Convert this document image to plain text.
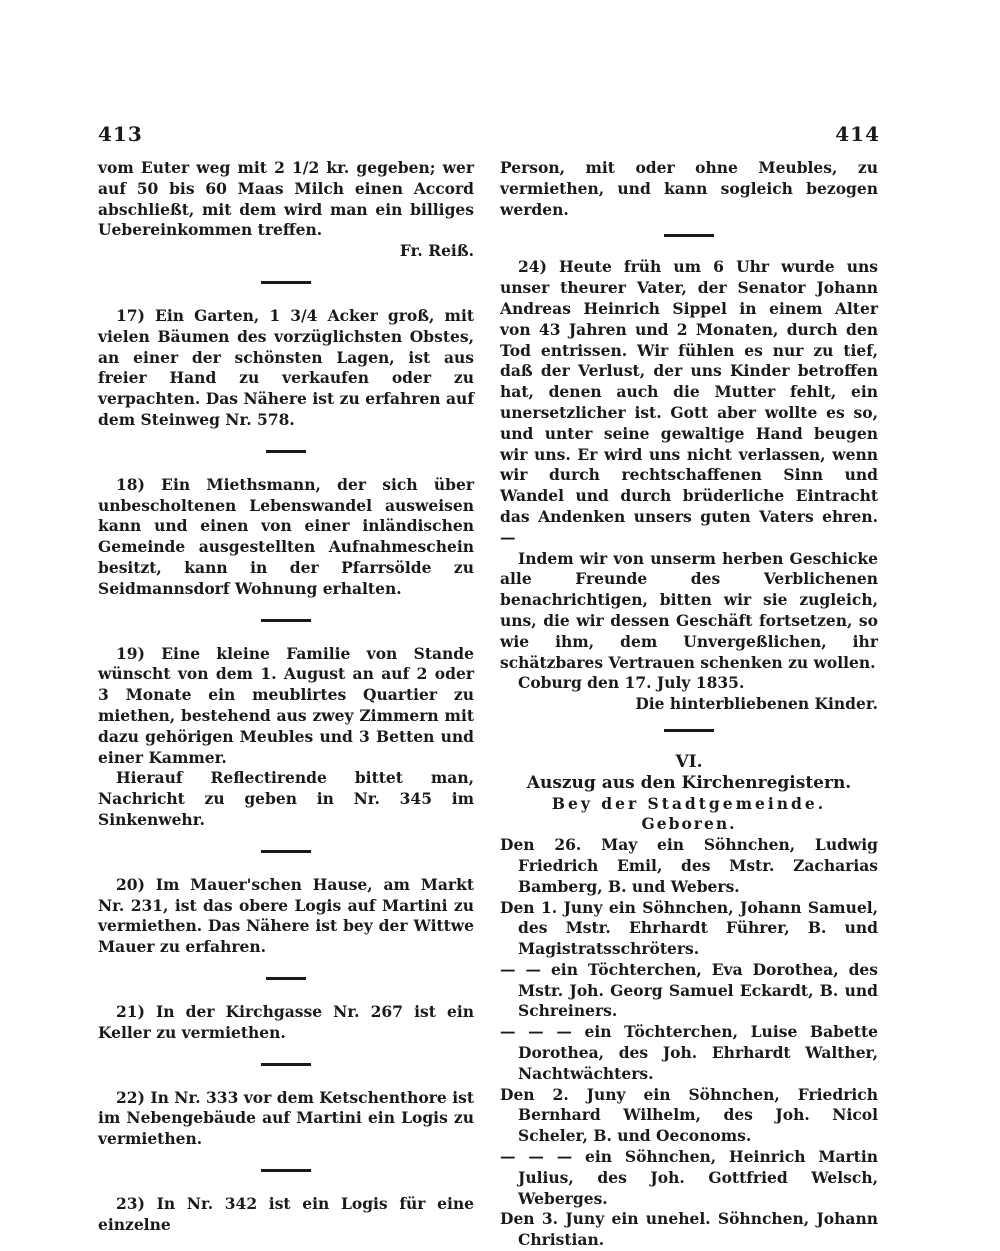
413	414

vom Euter weg mit 2 1/2 kr. gegeben; wer auf 50 bis 60 Maas Milch einen Accord abschließt, mit dem wird man ein billiges Uebereinkommen treffen.

Fr. Reiß.

17) Ein Garten, 1 3/4 Acker groß, mit vielen Bäumen des vorzüglichsten Obstes, an einer der schönsten Lagen, ist aus freier Hand zu verkaufen oder zu verpachten. Das Nähere ist zu erfahren auf dem Steinweg Nr. 578.

18) Ein Miethsmann, der sich über unbescholtenen Lebenswandel ausweisen kann und einen von einer inländischen Gemeinde ausgestellten Aufnahmeschein besitzt, kann in der Pfarrsölde zu Seidmannsdorf Wohnung erhalten.

19) Eine kleine Familie von Stande wünscht von dem 1. August an auf 2 oder 3 Monate ein meublirtes Quartier zu miethen, bestehend aus zwey Zimmern mit dazu gehörigen Meubles und 3 Betten und einer Kammer.

Hierauf Reflectirende bittet man, Nachricht zu geben in Nr. 345 im Sinkenwehr.

20) Im Mauer'schen Hause, am Markt Nr. 231, ist das obere Logis auf Martini zu vermiethen. Das Nähere ist bey der Wittwe Mauer zu erfahren.

21) In der Kirchgasse Nr. 267 ist ein Keller zu vermiethen.

22) In Nr. 333 vor dem Ketschenthore ist im Nebengebäude auf Martini ein Logis zu vermiethen.

23) In Nr. 342 ist ein Logis für eine einzelne

Person, mit oder ohne Meubles, zu vermiethen, und kann sogleich bezogen werden.

24) Heute früh um 6 Uhr wurde uns unser theurer Vater, der Senator Johann Andreas Heinrich Sippel in einem Alter von 43 Jahren und 2 Monaten, durch den Tod entrissen. Wir fühlen es nur zu tief, daß der Verlust, der uns Kinder betroffen hat, denen auch die Mutter fehlt, ein unersetzlicher ist. Gott aber wollte es so, und unter seine gewaltige Hand beugen wir uns. Er wird uns nicht verlassen, wenn wir durch rechtschaffenen Sinn und Wandel und durch brüderliche Eintracht das Andenken unsers guten Vaters ehren.—

Indem wir von unserm herben Geschicke alle Freunde des Verblichenen benachrichtigen, bitten wir sie zugleich, uns, die wir dessen Geschäft fortsetzen, so wie ihm, dem Unvergeßlichen, ihr schätzbares Vertrauen schenken zu wollen.

Coburg den 17. July 1835.

Die hinterbliebenen Kinder.

VI.

Auszug aus den Kirchenregistern.

Bey der Stadtgemeinde.

Geboren.

Den 26. May ein Söhnchen, Ludwig Friedrich Emil, des Mstr. Zacharias Bamberg, B. und Webers.

Den 1. Juny ein Söhnchen, Johann Samuel, des Mstr. Ehrhardt Führer, B. und Magistratsschröters.

— — ein Töchterchen, Eva Dorothea, des Mstr. Joh. Georg Samuel Eckardt, B. und Schreiners.

— — — ein Töchterchen, Luise Babette Dorothea, des Joh. Ehrhardt Walther, Nachtwächters.

Den 2. Juny ein Söhnchen, Friedrich Bernhard Wilhelm, des Joh. Nicol Scheler, B. und Oeconoms.

— — — ein Söhnchen, Heinrich Martin Julius, des Joh. Gottfried Welsch, Weberges.

Den 3. Juny ein unehel. Söhnchen, Johann Christian.
